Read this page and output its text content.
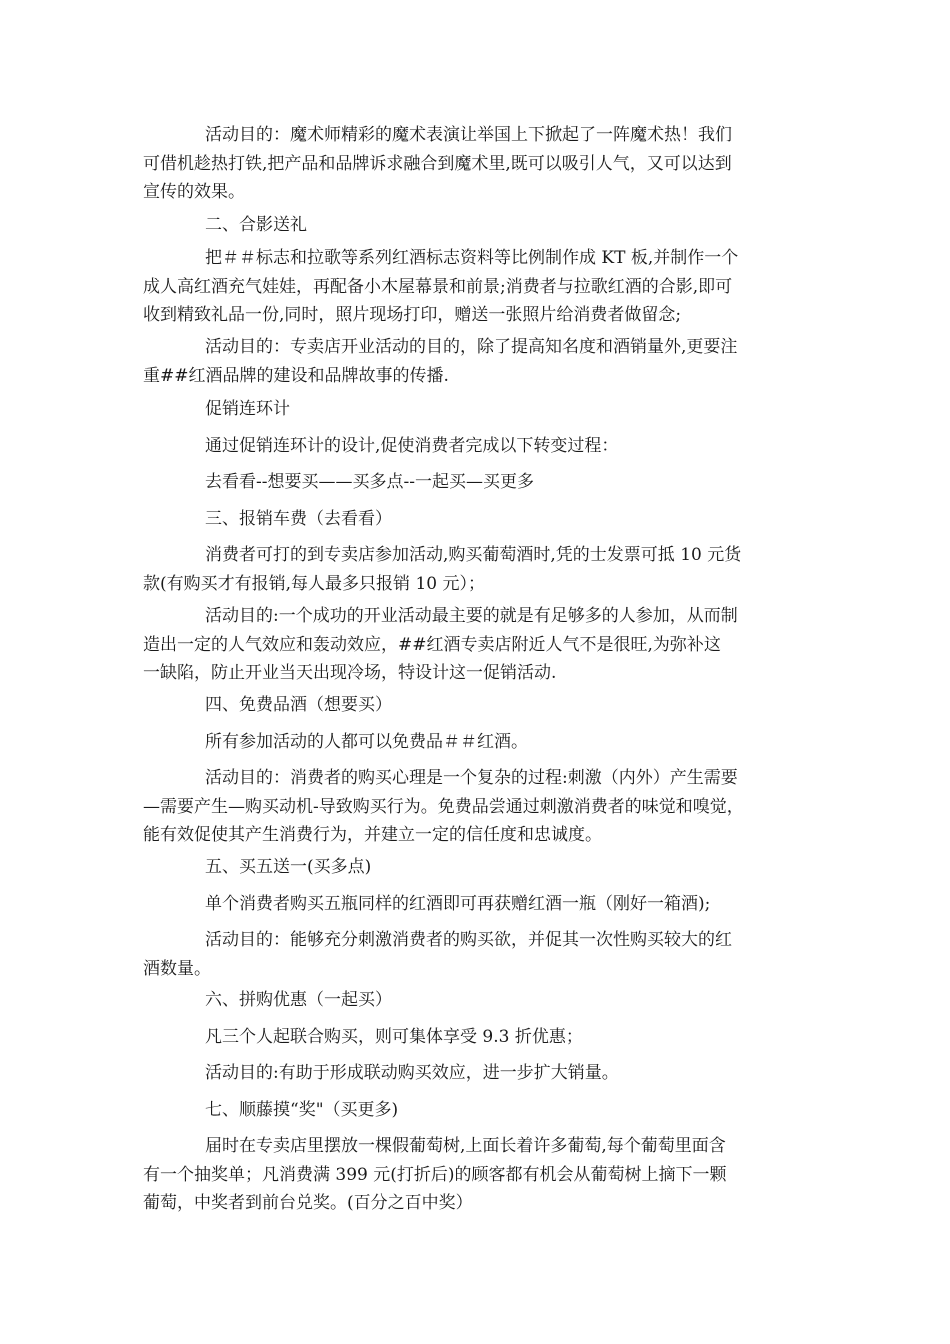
活动目的：魔术师精彩的魔术表演让举国上下掀起了一阵魔术热！我们
可借机趁热打铁,把产品和品牌诉求融合到魔术里,既可以吸引人气，又可以达到
宣传的效果。

二、合影送礼

把＃＃标志和拉歌等系列红酒标志资料等比例制作成 KT 板,并制作一个
成人高红酒充气娃娃，再配备小木屋幕景和前景;消费者与拉歌红酒的合影,即可
收到精致礼品一份,同时，照片现场打印，赠送一张照片给消费者做留念;

活动目的：专卖店开业活动的目的，除了提高知名度和酒销量外,更要注
重##红酒品牌的建设和品牌故事的传播.

促销连环计

通过促销连环计的设计,促使消费者完成以下转变过程：

去看看--想要买——买多点--一起买—买更多

三、报销车费（去看看）

消费者可打的到专卖店参加活动,购买葡萄酒时,凭的士发票可抵 10 元货
款(有购买才有报销,每人最多只报销 10 元）；

活动目的:一个成功的开业活动最主要的就是有足够多的人参加，从而制
造出一定的人气效应和轰动效应，##红酒专卖店附近人气不是很旺,为弥补这
一缺陷，防止开业当天出现冷场，特设计这一促销活动.

四、免费品酒（想要买）

所有参加活动的人都可以免费品＃＃红酒。

活动目的：消费者的购买心理是一个复杂的过程:刺激（内外）产生需要
—需要产生—购买动机-导致购买行为。免费品尝通过刺激消费者的味觉和嗅觉，
能有效促使其产生消费行为，并建立一定的信任度和忠诚度。

五、买五送一(买多点)

单个消费者购买五瓶同样的红酒即可再获赠红酒一瓶（刚好一箱酒);

活动目的：能够充分刺激消费者的购买欲，并促其一次性购买较大的红
酒数量。

六、拼购优惠（一起买）

凡三个人起联合购买，则可集体享受 9.3 折优惠；

活动目的:有助于形成联动购买效应，进一步扩大销量。

七、顺藤摸“奖"（买更多)

届时在专卖店里摆放一棵假葡萄树,上面长着许多葡萄,每个葡萄里面含
有一个抽奖单；凡消费满 399 元(打折后)的顾客都有机会从葡萄树上摘下一颗
葡萄，中奖者到前台兑奖。(百分之百中奖）
